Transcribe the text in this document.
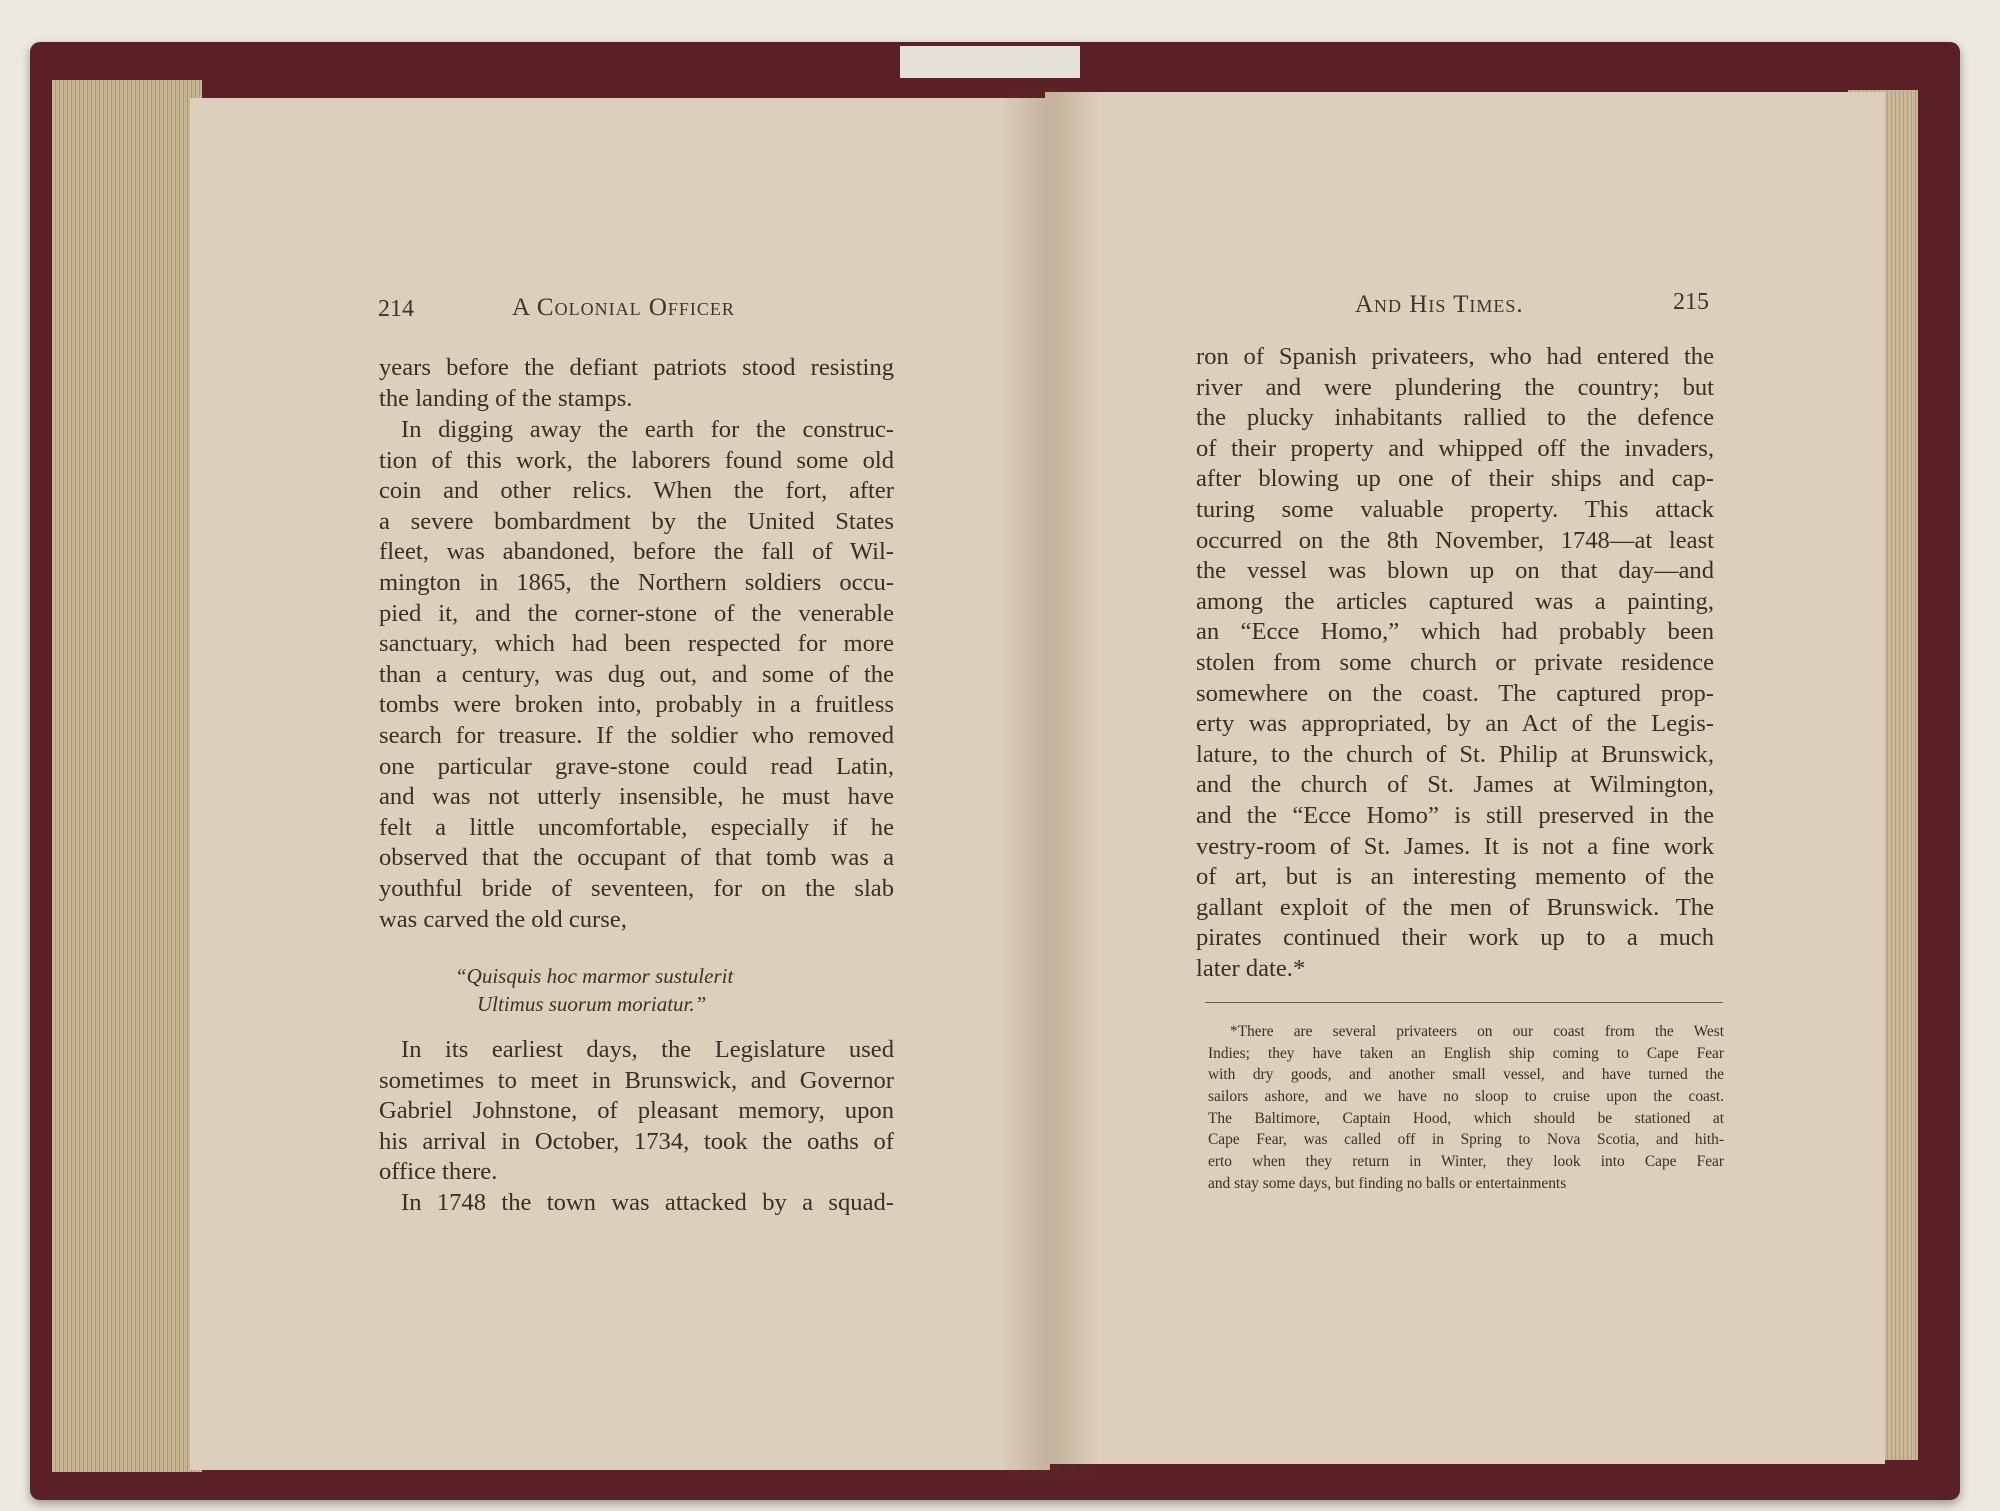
214	A Colonial Officer
years before the defiant patriots stood resisting
the landing of the stamps.
In digging away the earth for the construc-
tion of this work, the laborers found some old
coin and other relics. When the fort, after
a severe bombardment by the United States
fleet, was abandoned, before the fall of Wil-
mington in 1865, the Northern soldiers occu-
pied it, and the corner-stone of the venerable
sanctuary, which had been respected for more
than a century, was dug out, and some of the
tombs were broken into, probably in a fruitless
search for treasure. If the soldier who removed
one particular grave-stone could read Latin,
and was not utterly insensible, he must have
felt a little uncomfortable, especially if he
observed that the occupant of that tomb was a
youthful bride of seventeen, for on the slab
was carved the old curse,
“Quisquis hoc marmor sustulerit
Ultimus suorum moriatur.”
In its earliest days, the Legislature used
sometimes to meet in Brunswick, and Governor
Gabriel Johnstone, of pleasant memory, upon
his arrival in October, 1734, took the oaths of
office there.
In 1748 the town was attacked by a squad-
And His Times.	215
ron of Spanish privateers, who had entered the
river and were plundering the country; but
the plucky inhabitants rallied to the defence
of their property and whipped off the invaders,
after blowing up one of their ships and cap-
turing some valuable property. This attack
occurred on the 8th November, 1748—at least
the vessel was blown up on that day—and
among the articles captured was a painting,
an “Ecce Homo,” which had probably been
stolen from some church or private residence
somewhere on the coast. The captured prop-
erty was appropriated, by an Act of the Legis-
lature, to the church of St. Philip at Brunswick,
and the church of St. James at Wilmington,
and the “Ecce Homo” is still preserved in the
vestry-room of St. James. It is not a fine work
of art, but is an interesting memento of the
gallant exploit of the men of Brunswick. The
pirates continued their work up to a much
later date.*
*There are several privateers on our coast from the West
Indies; they have taken an English ship coming to Cape Fear
with dry goods, and another small vessel, and have turned the
sailors ashore, and we have no sloop to cruise upon the coast.
The Baltimore, Captain Hood, which should be stationed at
Cape Fear, was called off in Spring to Nova Scotia, and hith-
erto when they return in Winter, they look into Cape Fear
and stay some days, but finding no balls or entertainments
